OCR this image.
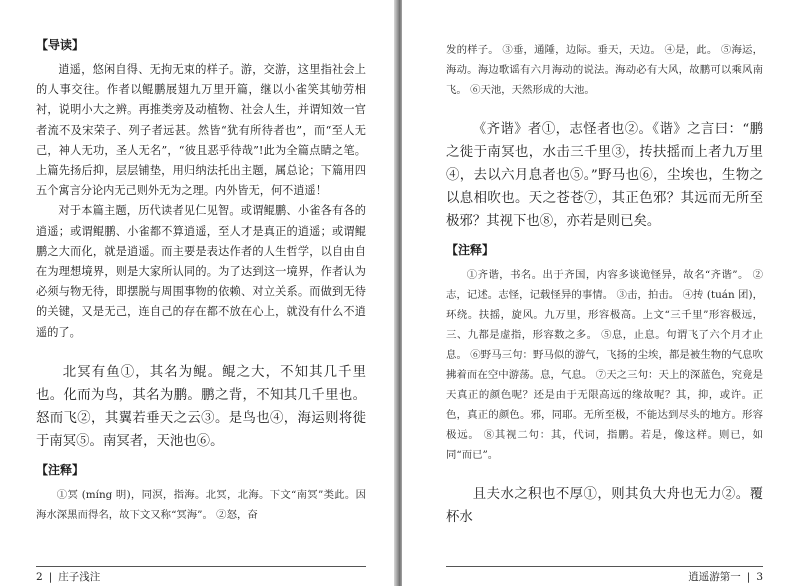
【导读】

逍遥，悠闲自得、无拘无束的样子。游，交游，这里指社会上的人事交往。作者以鲲鹏展翅九万里开篇，继以小雀笑其劬劳相衬，说明小大之辨。再推类旁及动植物、社会人生，并谓知效一官者流不及宋荣子、列子者远甚。然皆“犹有所待者也”，而“至人无己，神人无功，圣人无名”，“彼且恶乎待哉”!此为全篇点睛之笔。上篇先扬后抑，层层铺垫，用归纳法托出主题，属总论；下篇用四五个寓言分论内无己则外无为之理。内外皆无，何不逍遥！

对于本篇主题，历代读者见仁见智。或谓鲲鹏、小雀各有各的逍遥；或谓鲲鹏、小雀都不算逍遥，至人才是真正的逍遥；或谓鲲鹏之大而化，就是逍遥。而主要是表达作者的人生哲学，以自由自在为理想境界，则是大家所认同的。为了达到这一境界，作者认为必须与物无待，即摆脱与周围事物的依赖、对立关系。而做到无待的关键，又是无己，连自己的存在都不放在心上，就没有什么不逍遥的了。

北冥有鱼①，其名为鲲。鲲之大，不知其几千里也。化而为鸟，其名为鹏。鹏之背，不知其几千里也。怒而飞②，其翼若垂天之云③。是鸟也④，海运则将徙于南冥⑤。南冥者，天池也⑥。

【注释】

①冥 (míng 明)，同溟，指海。北冥，北海。下文“南冥”类此。因海水深黑而得名，故下文又称“冥海”。 ②怒，奋

2 | 庄子浅注

发的样子。 ③垂，通陲，边际。垂天，天边。 ④是，此。 ⑤海运，海动。海边歌谣有六月海动的说法。海动必有大风，故鹏可以乘风南飞。 ⑥天池，天然形成的大池。

《齐谐》者①，志怪者也②。《谐》之言曰：“鹏之徙于南冥也，水击三千里③，抟扶摇而上者九万里④，去以六月息者也⑤。”野马也⑥，尘埃也，生物之以息相吹也。天之苍苍⑦，其正色邪？其远而无所至极邪？其视下也⑧，亦若是则已矣。

【注释】

①齐谐，书名。出于齐国，内容多谈诡怪异，故名“齐谐”。 ②志，记述。志怪，记载怪异的事情。 ③击，拍击。 ④抟 (tuán 团)，环绕。扶摇，旋风。九万里，形容极高。上文“三千里”形容极远，三、九都是虚指，形容数之多。 ⑤息，止息。句谓飞了六个月才止息。 ⑥野马三句：野马似的游气，飞扬的尘埃，都是被生物的气息吹拂着而在空中游荡。息，气息。 ⑦天之三句：天上的深蓝色，究竟是天真正的颜色呢？还是由于无限高远的缘故呢？其，抑，或许。正色，真正的颜色。邪，同耶。无所至极，不能达到尽头的地方。形容极远。 ⑧其视二句：其，代词，指鹏。若是，像这样。则已，如同“而已”。

且夫水之积也不厚①，则其负大舟也无力②。覆杯水

逍遥游第一 | 3
